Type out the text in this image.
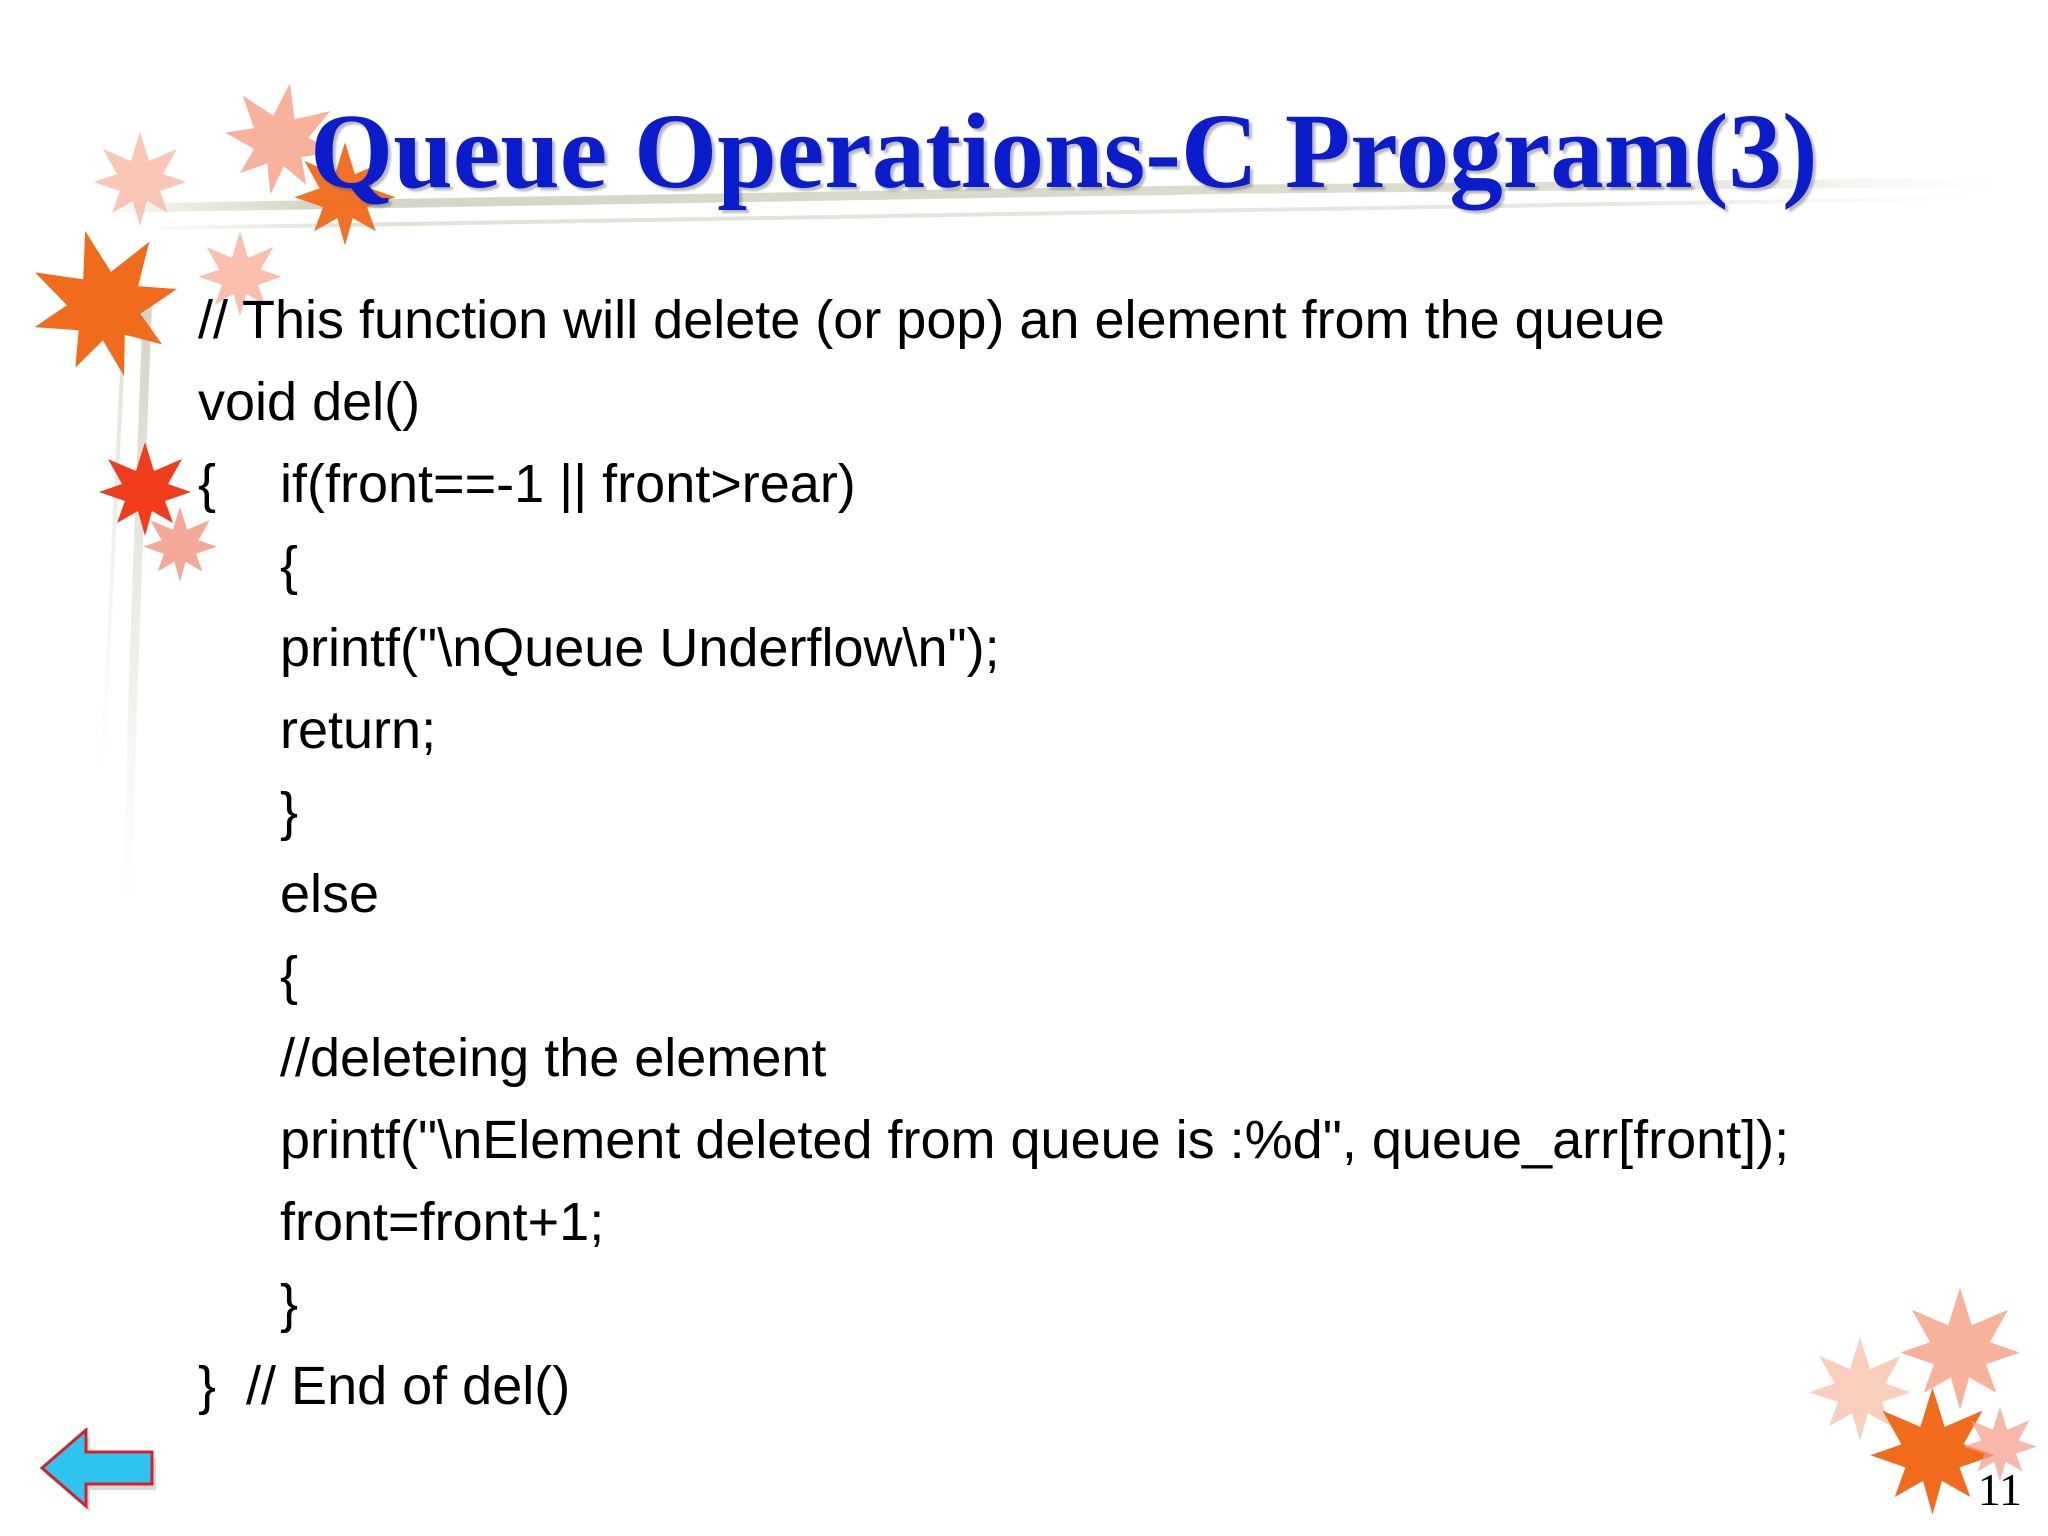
Queue Operations-C Program(3)
// This function will delete (or pop) an element from the queue
void del()
{ if(front==-1 || front>rear)
{
printf("\nQueue Underflow\n");
return;
}
else
{
//deleteing the element
printf("\nElement deleted from queue is :%d", queue_arr[front]);
front=front+1;
}
}  // End of del()
11
